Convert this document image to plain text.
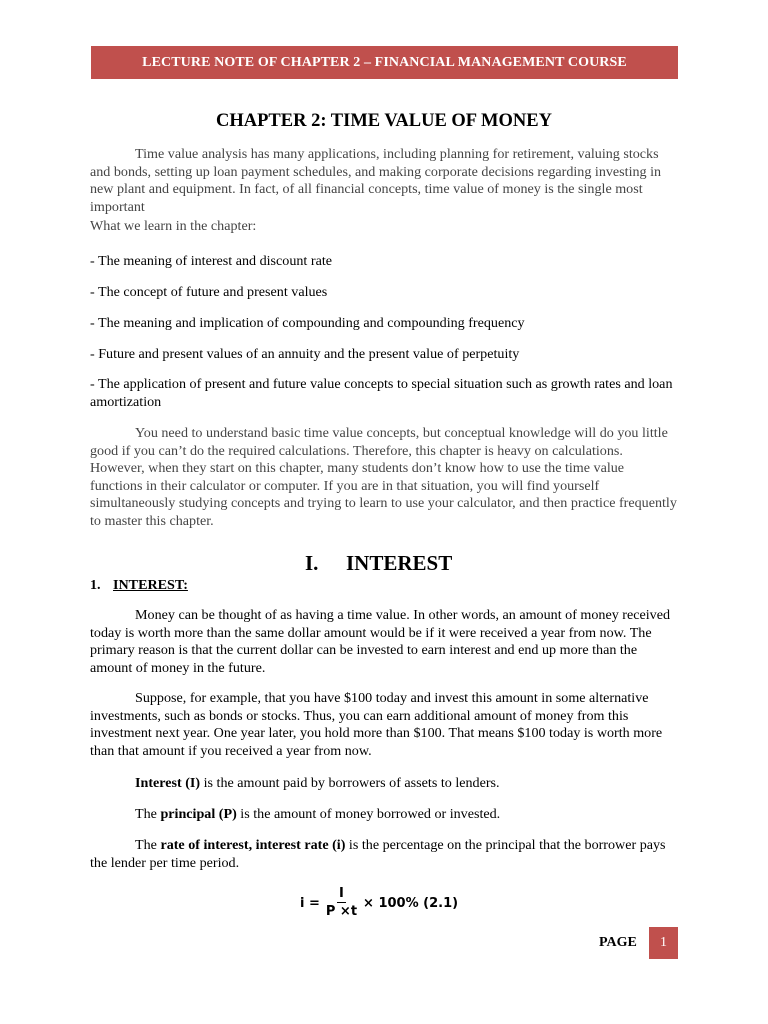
LECTURE NOTE OF CHAPTER 2 – FINANCIAL MANAGEMENT COURSE
CHAPTER 2: TIME VALUE OF MONEY

Time value analysis has many applications, including planning for retirement, valuing stocks and bonds, setting up loan payment schedules, and making corporate decisions regarding investing in new plant and equipment. In fact, of all financial concepts, time value of money is the single most important

What we learn in the chapter:

- The meaning of interest and discount rate

- The concept of future and present values

- The meaning and implication of compounding and compounding frequency

- Future and present values of an annuity and the present value of perpetuity

- The application of present and future value concepts to special situation such as growth rates and loan amortization

You need to understand basic time value concepts, but conceptual knowledge will do you little good if you can’t do the required calculations. Therefore, this chapter is heavy on calculations. However, when they start on this chapter, many students don’t know how to use the time value functions in their calculator or computer. If you are in that situation, you will find yourself simultaneously studying concepts and trying to learn to use your calculator, and then practice frequently to master this chapter.

I. INTEREST
1. INTEREST:

Money can be thought of as having a time value. In other words, an amount of money received today is worth more than the same dollar amount would be if it were received a year from now. The primary reason is that the current dollar can be invested to earn interest and end up more than the amount of money in the future.

Suppose, for example, that you have $100 today and invest this amount in some alternative investments, such as bonds or stocks. Thus, you can earn additional amount of money from this investment next year. One year later, you hold more than $100. That means $100 today is worth more than that amount if you received a year from now.

Interest (I) is the amount paid by borrowers of assets to lenders.

The principal (P) is the amount of money borrowed or invested.

The rate of interest, interest rate (i) is the percentage on the principal that the borrower pays the lender per time period.

$i = \frac{I}{P \times t} \times 100\%$ (2.1)
PAGE 1
